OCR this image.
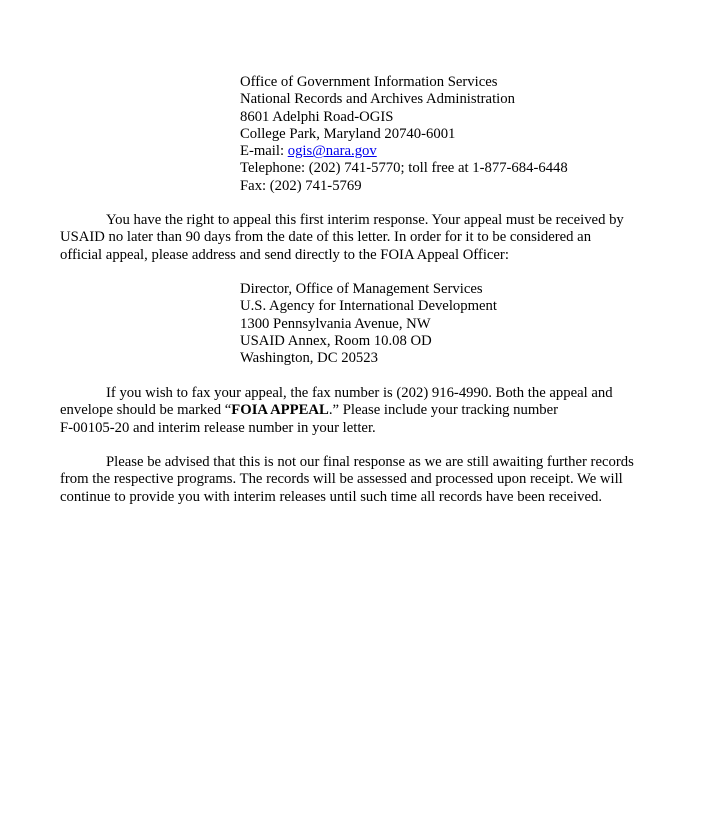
Office of Government Information Services
National Records and Archives Administration
8601 Adelphi Road-OGIS
College Park, Maryland 20740-6001
E-mail: ogis@nara.gov
Telephone: (202) 741-5770; toll free at 1-877-684-6448
Fax: (202) 741-5769

You have the right to appeal this first interim response. Your appeal must be received by
USAID no later than 90 days from the date of this letter. In order for it to be considered an
official appeal, please address and send directly to the FOIA Appeal Officer:

Director, Office of Management Services
U.S. Agency for International Development
1300 Pennsylvania Avenue, NW
USAID Annex, Room 10.08 OD
Washington, DC 20523

If you wish to fax your appeal, the fax number is (202) 916-4990. Both the appeal and
envelope should be marked “FOIA APPEAL.” Please include your tracking number
F-00105-20 and interim release number in your letter.

Please be advised that this is not our final response as we are still awaiting further records
from the respective programs. The records will be assessed and processed upon receipt. We will
continue to provide you with interim releases until such time all records have been received.
